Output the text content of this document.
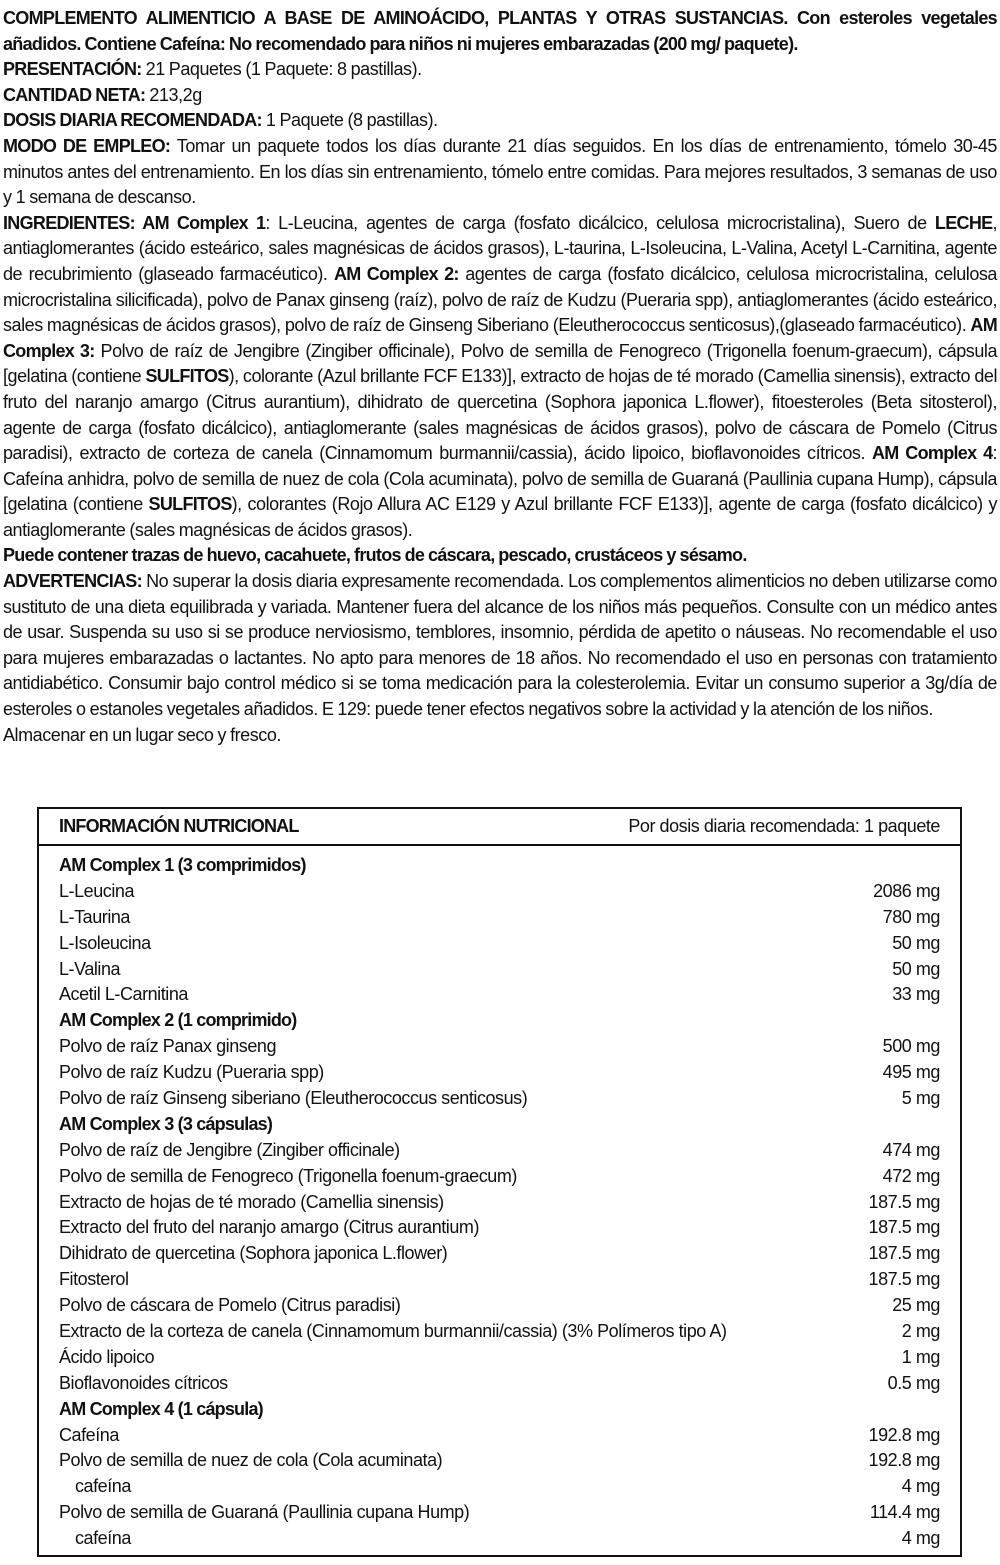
COMPLEMENTO ALIMENTICIO A BASE DE AMINOÁCIDO, PLANTAS Y OTRAS SUSTANCIAS. Con esteroles vegetales añadidos. Contiene Cafeína: No recomendado para niños ni mujeres embarazadas (200 mg/ paquete).

PRESENTACIÓN: 21 Paquetes (1 Paquete: 8 pastillas).

CANTIDAD NETA: 213,2g

DOSIS DIARIA RECOMENDADA: 1 Paquete (8 pastillas).

MODO DE EMPLEO: Tomar un paquete todos los días durante 21 días seguidos. En los días de entrenamiento, tómelo 30-45 minutos antes del entrenamiento. En los días sin entrenamiento, tómelo entre comidas. Para mejores resultados, 3 semanas de uso y 1 semana de descanso.

INGREDIENTES: AM Complex 1: L-Leucina, agentes de carga (fosfato dicálcico, celulosa microcristalina), Suero de LECHE, antiaglomerantes (ácido esteárico, sales magnésicas de ácidos grasos), L-taurina, L-Isoleucina, L-Valina, Acetyl L-Carnitina, agente de recubrimiento (glaseado farmacéutico). AM Complex 2: agentes de carga (fosfato dicálcico, celulosa microcristalina, celulosa microcristalina silicificada), polvo de Panax ginseng (raíz), polvo de raíz de Kudzu (Pueraria spp), antiaglomerantes (ácido esteárico, sales magnésicas de ácidos grasos), polvo de raíz de Ginseng Siberiano (Eleutherococcus senticosus),(glaseado farmacéutico). AM Complex 3: Polvo de raíz de Jengibre (Zingiber officinale), Polvo de semilla de Fenogreco (Trigonella foenum-graecum), cápsula [gelatina (contiene SULFITOS), colorante (Azul brillante FCF E133)], extracto de hojas de té morado (Camellia sinensis), extracto del fruto del naranjo amargo (Citrus aurantium), dihidrato de quercetina (Sophora japonica L.flower), fitoesteroles (Beta sitosterol), agente de carga (fosfato dicálcico), antiaglomerante (sales magnésicas de ácidos grasos), polvo de cáscara de Pomelo (Citrus paradisi), extracto de corteza de canela (Cinnamomum burmannii/cassia), ácido lipoico, bioflavonoides cítricos. AM Complex 4: Cafeína anhidra, polvo de semilla de nuez de cola (Cola acuminata), polvo de semilla de Guaraná (Paullinia cupana Hump), cápsula [gelatina (contiene SULFITOS), colorantes (Rojo Allura AC E129 y Azul brillante FCF E133)], agente de carga (fosfato dicálcico) y antiaglomerante (sales magnésicas de ácidos grasos).

Puede contener trazas de huevo, cacahuete, frutos de cáscara, pescado, crustáceos y sésamo.

ADVERTENCIAS: No superar la dosis diaria expresamente recomendada. Los complementos alimenticios no deben utilizarse como sustituto de una dieta equilibrada y variada. Mantener fuera del alcance de los niños más pequeños. Consulte con un médico antes de usar. Suspenda su uso si se produce nerviosismo, temblores, insomnio, pérdida de apetito o náuseas. No recomendable el uso para mujeres embarazadas o lactantes. No apto para menores de 18 años. No recomendado el uso en personas con tratamiento antidiabético. Consumir bajo control médico si se toma medicación para la colesterolemia. Evitar un consumo superior a 3g/día de esteroles o estanoles vegetales añadidos. E 129: puede tener efectos negativos sobre la actividad y la atención de los niños.

Almacenar en un lugar seco y fresco.

INFORMACIÓN NUTRICIONAL	Por dosis diaria recomendada: 1 paquete
AM Complex 1 (3 comprimidos)
L-Leucina	2086 mg
L-Taurina	780 mg
L-Isoleucina	50 mg
L-Valina	50 mg
Acetil L-Carnitina	33 mg
AM Complex 2 (1 comprimido)
Polvo de raíz Panax ginseng	500 mg
Polvo de raíz Kudzu (Pueraria spp)	495 mg
Polvo de raíz Ginseng siberiano (Eleutherococcus senticosus)	5 mg
AM Complex 3 (3 cápsulas)
Polvo de raíz de Jengibre (Zingiber officinale)	474 mg
Polvo de semilla de Fenogreco (Trigonella foenum-graecum)	472 mg
Extracto de hojas de té morado (Camellia sinensis)	187.5 mg
Extracto del fruto del naranjo amargo (Citrus aurantium)	187.5 mg
Dihidrato de quercetina (Sophora japonica L.flower)	187.5 mg
Fitosterol	187.5 mg
Polvo de cáscara de Pomelo (Citrus paradisi)	25 mg
Extracto de la corteza de canela (Cinnamomum burmannii/cassia) (3% Polímeros tipo A)	2 mg
Ácido lipoico	1 mg
Bioflavonoides cítricos	0.5 mg
AM Complex 4 (1 cápsula)
Cafeína	192.8 mg
Polvo de semilla de nuez de cola (Cola acuminata)	192.8 mg
cafeína	4 mg
Polvo de semilla de Guaraná (Paullinia cupana Hump)	114.4 mg
cafeína	4 mg
